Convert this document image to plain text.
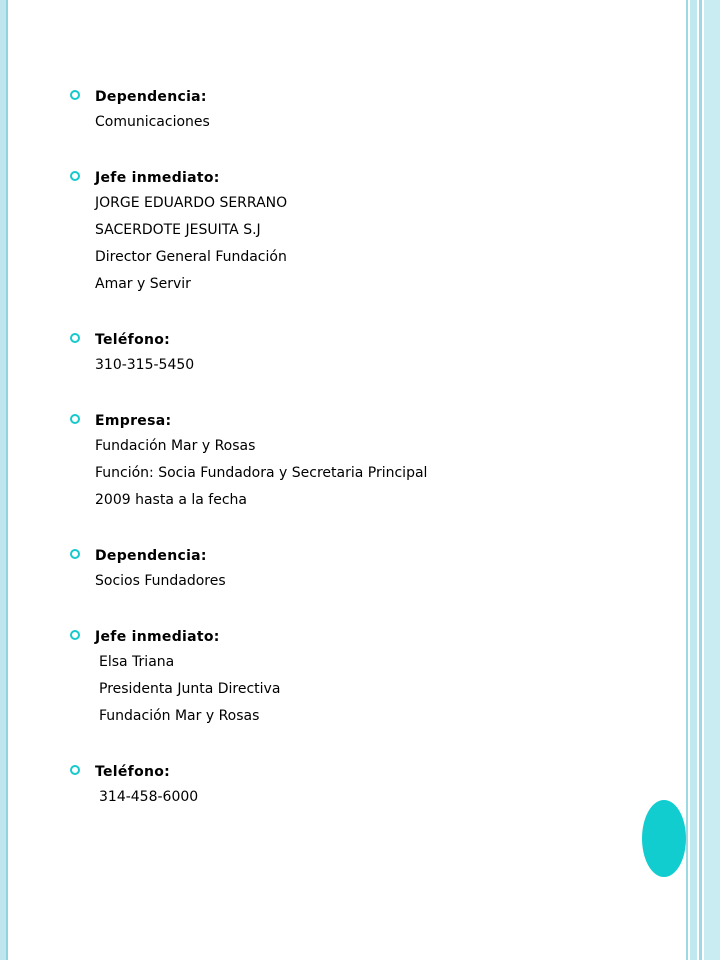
Dependencia:
Comunicaciones
Jefe inmediato:
JORGE EDUARDO SERRANO
SACERDOTE JESUITA S.J
Director General Fundación
Amar y Servir
Teléfono:
310-315-5450
Empresa:
Fundación Mar y Rosas
Función: Socia Fundadora y Secretaria Principal
2009 hasta a la fecha
Dependencia:
Socios Fundadores
Jefe inmediato:
Elsa Triana
Presidenta Junta Directiva
Fundación Mar y Rosas
Teléfono:
314-458-6000
